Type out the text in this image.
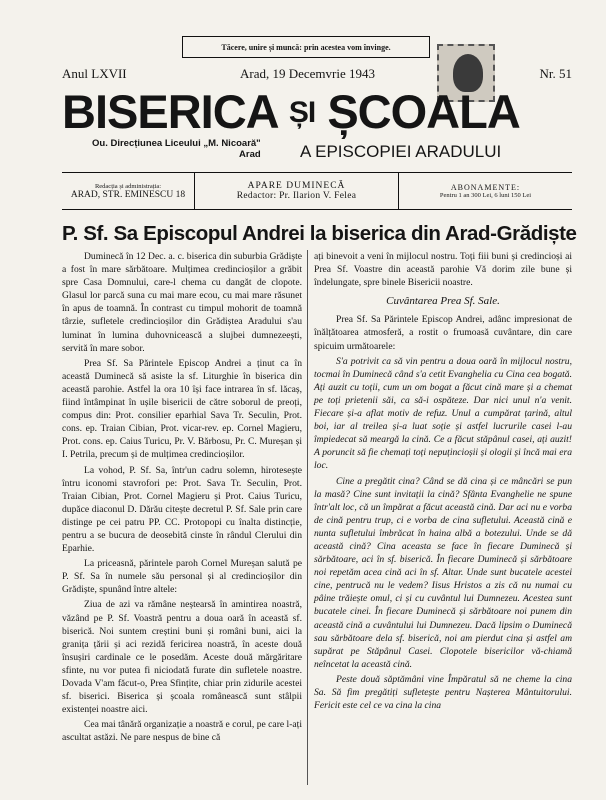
Tăcere, unire și muncă: prin acestea vom învinge.
Anul LXVII	Arad, 19 Decemvrie 1943	Nr. 51
BISERICA ȘI ȘCOALA
Ou. Direcțiunea Liceului „M. Nicoară"
Arad A EPISCOPIEI ARADULUI
Redacția și administrația:
ARAD, STR. EMINESCU 18
APARE DUMINECĂ
Redactor: Pr. Ilarion V. Felea
ABONAMENTE:
Pentru 1 an 300 Lei, 6 luni 150 Lei
P. Sf. Sa Episcopul Andrei la biserica din Arad-Grădiște

Duminecă în 12 Dec. a. c. biserica din suburbia Grădiște a fost în mare sărbătoare. Mulțimea credincioșilor a grăbit spre Casa Domnului, care-l chema cu dangăt de clopote. Glasul lor parcă suna cu mai mare ecou, cu mai mare răsunet în apus de toamnă. În contrast cu timpul mohorit de toamnă târzie, sufletele credincioșilor din Grădiștea Aradului s'au luminat în lumina duhovnicească a slujbei dumnezeești, servită în mare sobor.

Prea Sf. Sa Părintele Episcop Andrei a ținut ca în această Duminecă să asiste la sf. Liturghie în biserica din această parohie. Astfel la ora 10 își face intrarea în sf. lăcaș, fiind întâmpinat în ușile bisericii de către soborul de preoți, compus din: Prot. consilier eparhial Sava Tr. Seculin, Prot. cons. ep. Traian Cibian, Prot. vicar-rev. ep. Cornel Magieru, Prot. cons. ep. Caius Turicu, Pr. V. Bărbosu, Pr. C. Mureșan și I. Petrila, precum și de mulțimea credincioșilor.

La vohod, P. Sf. Sa, într'un cadru solemn, hirotesește întru iconomi stavrofori pe: Prot. Sava Tr. Seculin, Prot. Traian Cibian, Prot. Cornel Magieru și Prot. Caius Turicu, dupăce diaconul D. Dărău citește decretul P. Sf. Sale prin care distinge pe cei patru PP. CC. Protopopi cu înalta distincție, pentru a se bucura de deosebită cinste în rândul Clerului din Eparhie.

La priceasnă, părintele paroh Cornel Mureșan salută pe P. Sf. Sa în numele său personal și al credincioșilor din Grădiște, spunând între altele:

Ziua de azi va rămâne neștearsă în amintirea noastră, văzând pe P. Sf. Voastră pentru a doua oară în această sf. biserică. Noi suntem creștini buni și români buni, aici la granița țării și aci rezidă fericirea noastră, în aceste două însușiri cardinale ce le posedăm. Aceste două mărgăritare sfinte, nu vor putea fi niciodată furate din sufletele noastre. Dovada V'am făcut-o, Prea Sfințite, chiar prin zidurile acestei sf. biserici. Biserica și școala românească sunt stâlpii existenței noastre aici.

Cea mai tânără organizație a noastră e corul, pe care l-ați ascultat astăzi. Ne pare nespus de bine că

ați binevoit a veni în mijlocul nostru. Toți fiii buni și credincioși ai Prea Sf. Voastre din această parohie Vă dorim zile bune și îndelungate, spre binele Bisericii noastre.

Cuvântarea Prea Sf. Sale.

Prea Sf. Sa Părintele Episcop Andrei, adânc impresionat de înălțătoarea atmosferă, a rostit o frumoasă cuvântare, din care spicuim următoarele:

S'a potrivit ca să vin pentru a doua oară în mijlocul nostru, tocmai în Duminecă când s'a cetit Evanghelia cu Cina cea bogată. Ați auzit cu toții, cum un om bogat a făcut cină mare și a chemat pe toți prietenii săi, ca să-i ospăteze. Dar nici unul n'a venit. Fiecare și-a aflat motiv de refuz. Unul a cumpărat țarină, altul boi, iar al treilea și-a luat soție și astfel lucrurile casei l-au împiedecat să meargă la cină. Ce a făcut stăpânul casei, ați auzit! A poruncit să fie chemați toți nepuțincioșii și ologii și încă mai era loc.

Cine a pregătit cina? Când se dă cina și ce mâncări se pun la masă? Cine sunt invitații la cină? Sfânta Evanghelie ne spune într'alt loc, că un împărat a făcut această cină. Dar aci nu e vorba de cină pentru trup, ci e vorba de cina sufletului. Această cină e nunta sufletului îmbrăcat în haina albă a botezului. Unde se dă această cină? Cina aceasta se face în fiecare Duminecă și sărbătoare, aci în sf. biserică. În fiecare Duminecă și sărbătoare noi repetăm acea cină aci în sf. Altar. Unde sunt bucatele acestei cine, pentrucă nu le vedem? Iisus Hristos a zis că nu numai cu pâine trăiește omul, ci și cu cuvântul lui Dumnezeu. Acestea sunt bucatele cinei. În fiecare Duminecă și sărbătoare noi punem din această cină a cuvântului lui Dumnezeu. Dacă lipsim o Duminecă sau sărbătoare dela sf. biserică, noi am pierdut cina și astfel am supărat pe Stăpânul Casei. Clopotele bisericilor vă-chiamă neîncetat la această cină.

Peste două săptămâni vine Împăratul să ne cheme la cina Sa. Să fim pregătiți sufletește pentru Nașterea Mântuitorului. Fericit este cel ce va cina la cina
